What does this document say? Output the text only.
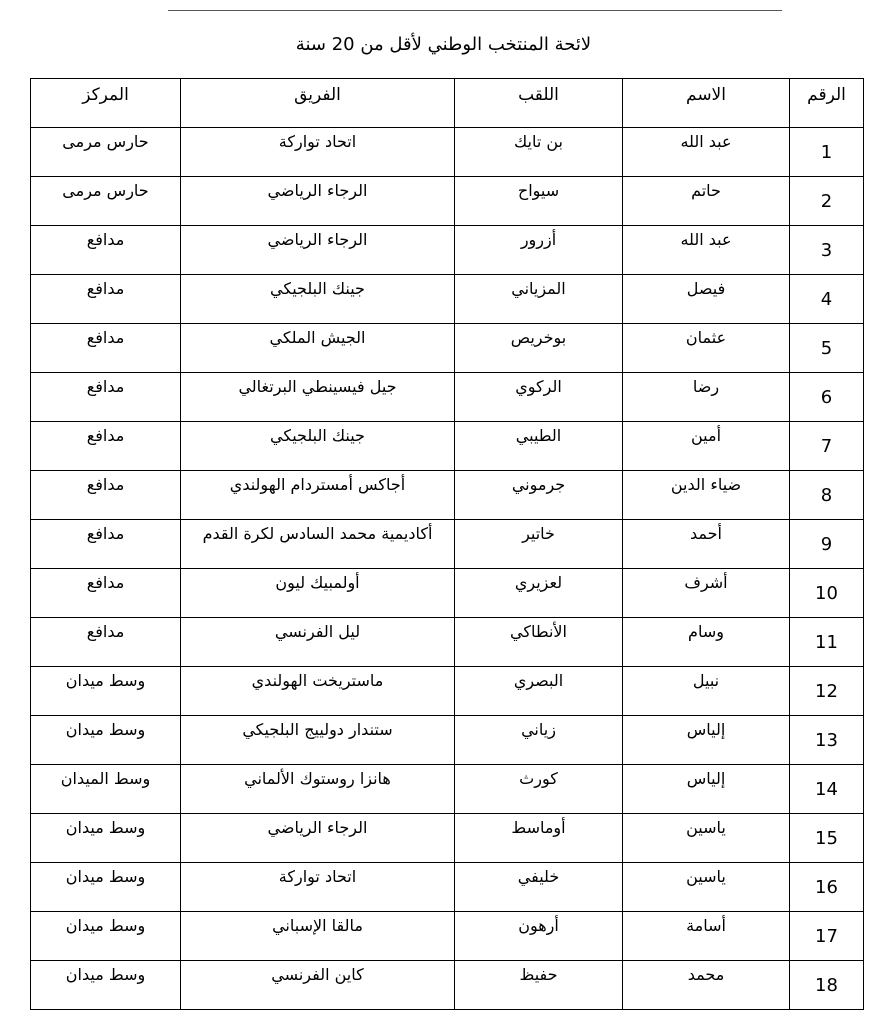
لائحة المنتخب الوطني لأقل من 20 سنة
الرقم	الاسم	اللقب	الفريق	المركز
1	عبد الله	بن تايك	اتحاد تواركة	حارس مرمى
2	حاتم	سيواح	الرجاء الرياضي	حارس مرمى
3	عبد الله	أزرور	الرجاء الرياضي	مدافع
4	فيصل	المزياني	جينك البلجيكي	مدافع
5	عثمان	بوخريص	الجيش الملكي	مدافع
6	رضا	الركوي	جيل فيسينطي البرتغالي	مدافع
7	أمين	الطيبي	جينك البلجيكي	مدافع
8	ضياء الدين	جرموني	أجاكس أمستردام الهولندي	مدافع
9	أحمد	خاتير	أكاديمية محمد السادس لكرة القدم	مدافع
10	أشرف	لعزيري	أولمبيك ليون	مدافع
11	وسام	الأنطاكي	ليل الفرنسي	مدافع
12	نبيل	البصري	ماستريخت الهولندي	وسط ميدان
13	إلياس	زياني	ستندار دولييج البلجيكي	وسط ميدان
14	إلياس	كورث	هانزا روستوك الألماني	وسط الميدان
15	ياسين	أوماسط	الرجاء الرياضي	وسط ميدان
16	ياسين	خليفي	اتحاد تواركة	وسط ميدان
17	أسامة	أرهون	مالقا الإسباني	وسط ميدان
18	محمد	حفيظ	كاين الفرنسي	وسط ميدان
